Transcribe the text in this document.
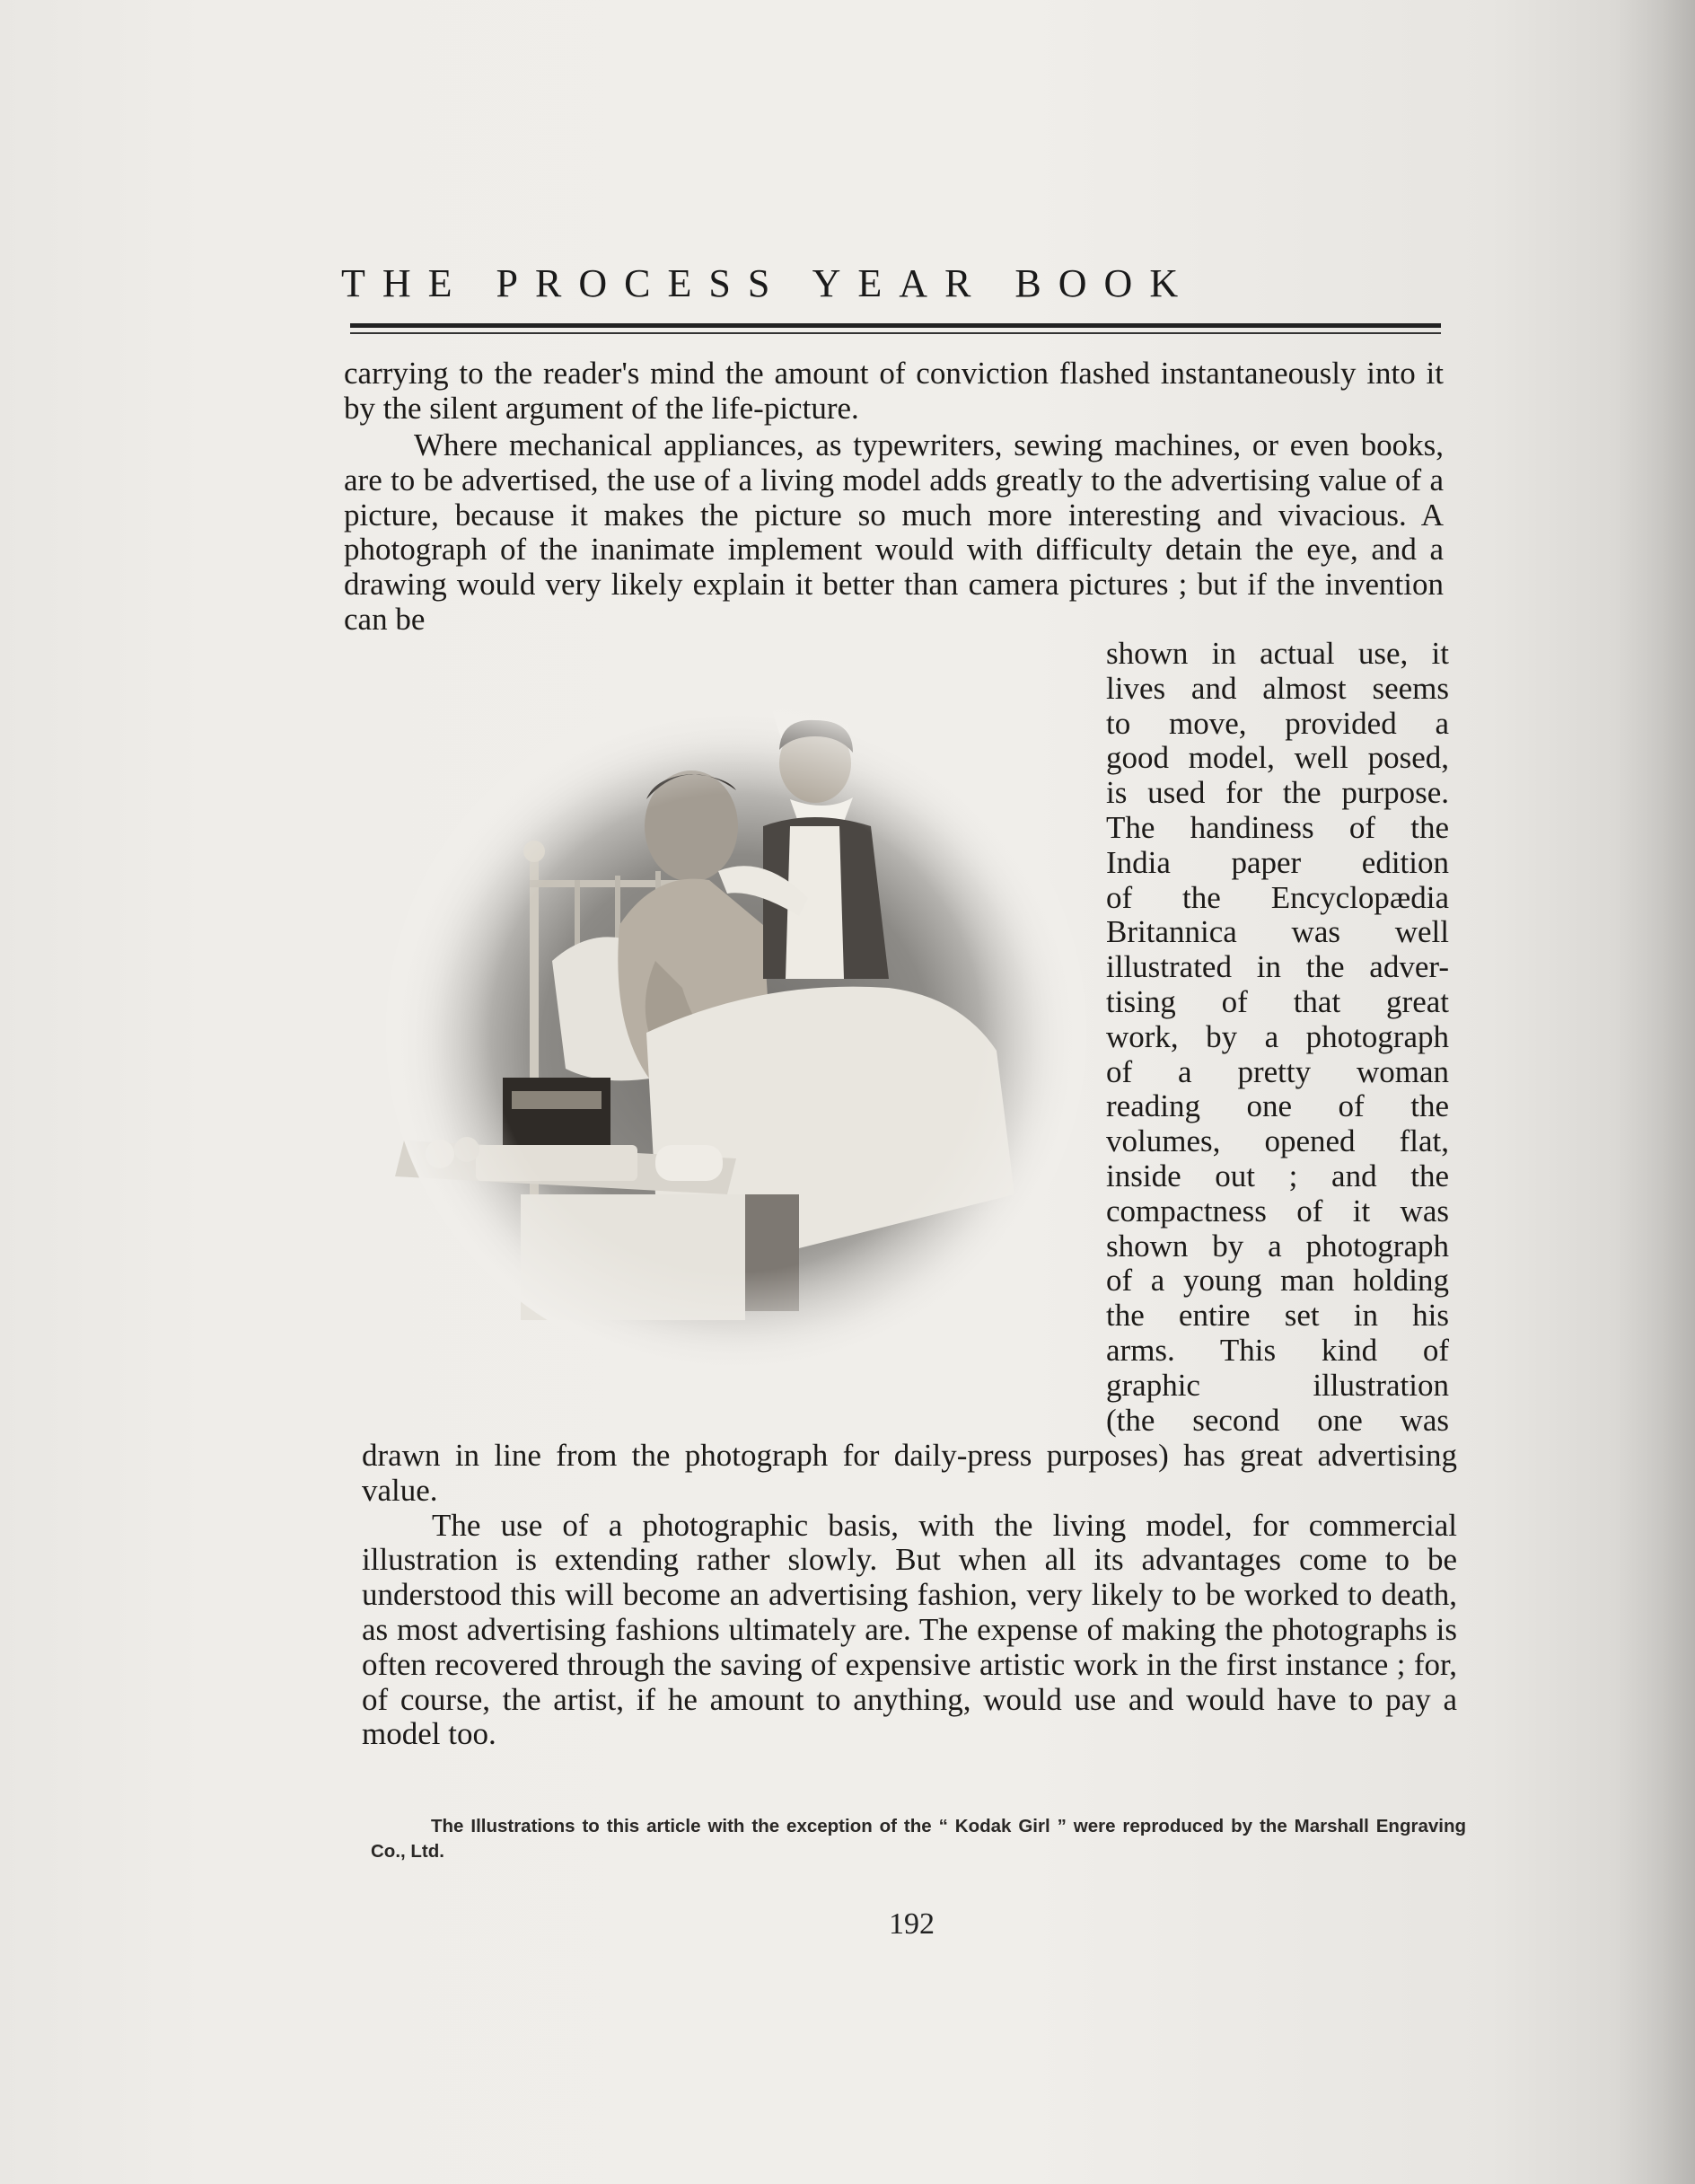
THE PROCESS YEAR BOOK

carrying to the reader's mind the amount of conviction flashed instantaneously into it by the silent argument of the life-picture.

Where mechanical appliances, as typewriters, sewing machines, or even books, are to be advertised, the use of a living model adds greatly to the advertising value of a picture, because it makes the picture so much more interesting and vivacious. A photograph of the inanimate implement would with difficulty detain the eye, and a drawing would very likely explain it better than camera pictures ; but if the invention can be

shown in actual use, it
lives and almost seems
to move, provided a
good model, well posed,
is used for the purpose.
The handiness of the
India paper edition
of the Encyclopædia
Britannica was well
illustrated in the adver-
tising of that great
work, by a photograph
of a pretty woman
reading one of the
volumes, opened flat,
inside out ; and the
compactness of it was
shown by a photograph
of a young man holding
the entire set in his
arms. This kind of
graphic illustration
(the second one was

drawn in line from the photograph for daily-press purposes) has great advertising value.

The use of a photographic basis, with the living model, for commercial illustration is extending rather slowly. But when all its advantages come to be understood this will become an advertising fashion, very likely to be worked to death, as most advertising fashions ultimately are. The expense of making the photographs is often recovered through the saving of expensive artistic work in the first instance ; for, of course, the artist, if he amount to anything, would use and would have to pay a model too.

The Illustrations to this article with the exception of the “ Kodak Girl ” were reproduced by the Marshall Engraving Co., Ltd.
192
